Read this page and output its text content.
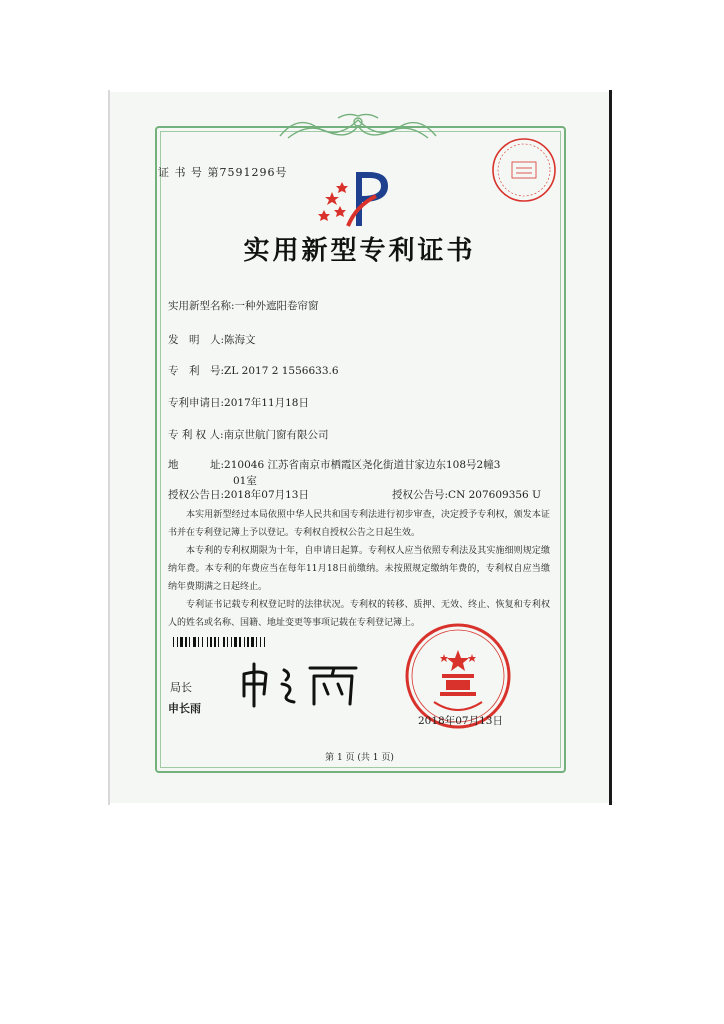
证 书 号 第7591296号
实用新型专利证书
实用新型名称:一种外遮阳卷帘窗
发　明　人:陈海文
专　利　号:ZL 2017 2 1556633.6
专利申请日:2017年11月18日
专 利 权 人:南京世航门窗有限公司
地　　　址:210046 江苏省南京市栖霞区尧化街道甘家边东108号2幢3
01室
授权公告日:2018年07月13日	授权公告号:CN 207609356 U

本实用新型经过本局依照中华人民共和国专利法进行初步审查，决定授予专利权，颁发本证书并在专利登记簿上予以登记。专利权自授权公告之日起生效。

本专利的专利权期限为十年，自申请日起算。专利权人应当依照专利法及其实施细则规定缴纳年费。本专利的年费应当在每年11月18日前缴纳。未按照规定缴纳年费的，专利权自应当缴纳年费期满之日起终止。

专利证书记载专利权登记时的法律状况。专利权的转移、质押、无效、终止、恢复和专利权人的姓名或名称、国籍、地址变更等事项记载在专利登记簿上。

局长
申长雨
2018年07月13日
第 1 页 (共 1 页)
